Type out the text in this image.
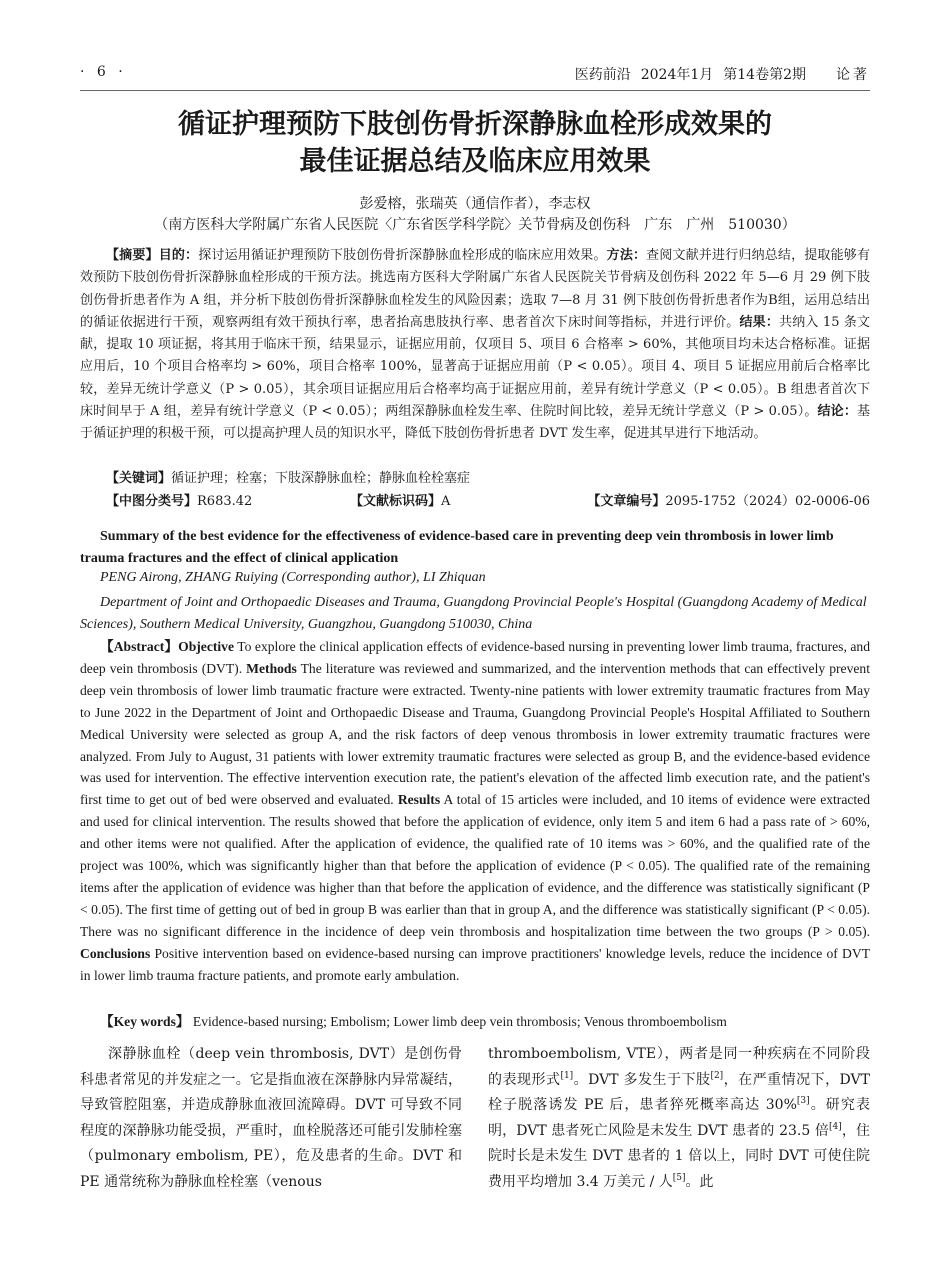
· 6 ·	医药前沿 2024年1月 第14卷第2期 论著
循证护理预防下肢创伤骨折深静脉血栓形成效果的
最佳证据总结及临床应用效果
彭爱榕，张瑞英（通信作者），李志权
（南方医科大学附属广东省人民医院〈广东省医学科学院〉关节骨病及创伤科　广东　广州　510030）

【摘要】目的：探讨运用循证护理预防下肢创伤骨折深静脉血栓形成的临床应用效果。方法：查阅文献并进行归纳总结，提取能够有效预防下肢创伤骨折深静脉血栓形成的干预方法。挑选南方医科大学附属广东省人民医院关节骨病及创伤科 2022 年 5—6 月 29 例下肢创伤骨折患者作为 A 组，并分析下肢创伤骨折深静脉血栓发生的风险因素；选取 7—8 月 31 例下肢创伤骨折患者作为B组，运用总结出的循证依据进行干预，观察两组有效干预执行率，患者抬高患肢执行率、患者首次下床时间等指标，并进行评价。结果：共纳入 15 条文献，提取 10 项证据，将其用于临床干预，结果显示，证据应用前，仅项目 5、项目 6 合格率 > 60%，其他项目均未达合格标准。证据应用后，10 个项目合格率均 > 60%，项目合格率 100%，显著高于证据应用前（P < 0.05）。项目 4、项目 5 证据应用前后合格率比较，差异无统计学意义（P > 0.05），其余项目证据应用后合格率均高于证据应用前，差异有统计学意义（P < 0.05）。B 组患者首次下床时间早于 A 组，差异有统计学意义（P < 0.05）；两组深静脉血栓发生率、住院时间比较，差异无统计学意义（P > 0.05）。结论：基于循证护理的积极干预，可以提高护理人员的知识水平，降低下肢创伤骨折患者 DVT 发生率，促进其早进行下地活动。

【关键词】循证护理；栓塞；下肢深静脉血栓；静脉血栓栓塞症
【中图分类号】R683.42	【文献标识码】A	【文章编号】2095-1752（2024）02-0006-06
Summary of the best evidence for the effectiveness of evidence-based care in preventing deep vein thrombosis in lower limb trauma fractures and the effect of clinical application
PENG Airong, ZHANG Ruiying (Corresponding author), LI Zhiquan
Department of Joint and Orthopaedic Diseases and Trauma, Guangdong Provincial People's Hospital (Guangdong Academy of Medical Sciences), Southern Medical University, Guangzhou, Guangdong 510030, China

【Abstract】Objective To explore the clinical application effects of evidence-based nursing in preventing lower limb trauma, fractures, and deep vein thrombosis (DVT). Methods The literature was reviewed and summarized, and the intervention methods that can effectively prevent deep vein thrombosis of lower limb traumatic fracture were extracted. Twenty-nine patients with lower extremity traumatic fractures from May to June 2022 in the Department of Joint and Orthopaedic Disease and Trauma, Guangdong Provincial People's Hospital Affiliated to Southern Medical University were selected as group A, and the risk factors of deep venous thrombosis in lower extremity traumatic fractures were analyzed. From July to August, 31 patients with lower extremity traumatic fractures were selected as group B, and the evidence-based evidence was used for intervention. The effective intervention execution rate, the patient's elevation of the affected limb execution rate, and the patient's first time to get out of bed were observed and evaluated. Results A total of 15 articles were included, and 10 items of evidence were extracted and used for clinical intervention. The results showed that before the application of evidence, only item 5 and item 6 had a pass rate of > 60%, and other items were not qualified. After the application of evidence, the qualified rate of 10 items was > 60%, and the qualified rate of the project was 100%, which was significantly higher than that before the application of evidence (P < 0.05). The qualified rate of the remaining items after the application of evidence was higher than that before the application of evidence, and the difference was statistically significant (P < 0.05). The first time of getting out of bed in group B was earlier than that in group A, and the difference was statistically significant (P < 0.05). There was no significant difference in the incidence of deep vein thrombosis and hospitalization time between the two groups (P > 0.05). Conclusions Positive intervention based on evidence-based nursing can improve practitioners' knowledge levels, reduce the incidence of DVT in lower limb trauma fracture patients, and promote early ambulation.

【Key words】 Evidence-based nursing; Embolism; Lower limb deep vein thrombosis; Venous thromboembolism

深静脉血栓（deep vein thrombosis, DVT）是创伤骨科患者常见的并发症之一。它是指血液在深静脉内异常凝结，导致管腔阻塞，并造成静脉血液回流障碍。DVT 可导致不同程度的深静脉功能受损，严重时，血栓脱落还可能引发肺栓塞（pulmonary embolism, PE），危及患者的生命。DVT 和 PE 通常统称为静脉血栓栓塞（venous

thromboembolism, VTE），两者是同一种疾病在不同阶段的表现形式[1]。DVT 多发生于下肢[2]，在严重情况下，DVT 栓子脱落诱发 PE 后，患者猝死概率高达 30%[3]。研究表明，DVT 患者死亡风险是未发生 DVT 患者的 23.5 倍[4]，住院时长是未发生 DVT 患者的 1 倍以上，同时 DVT 可使住院费用平均增加 3.4 万美元 / 人[5]。此
